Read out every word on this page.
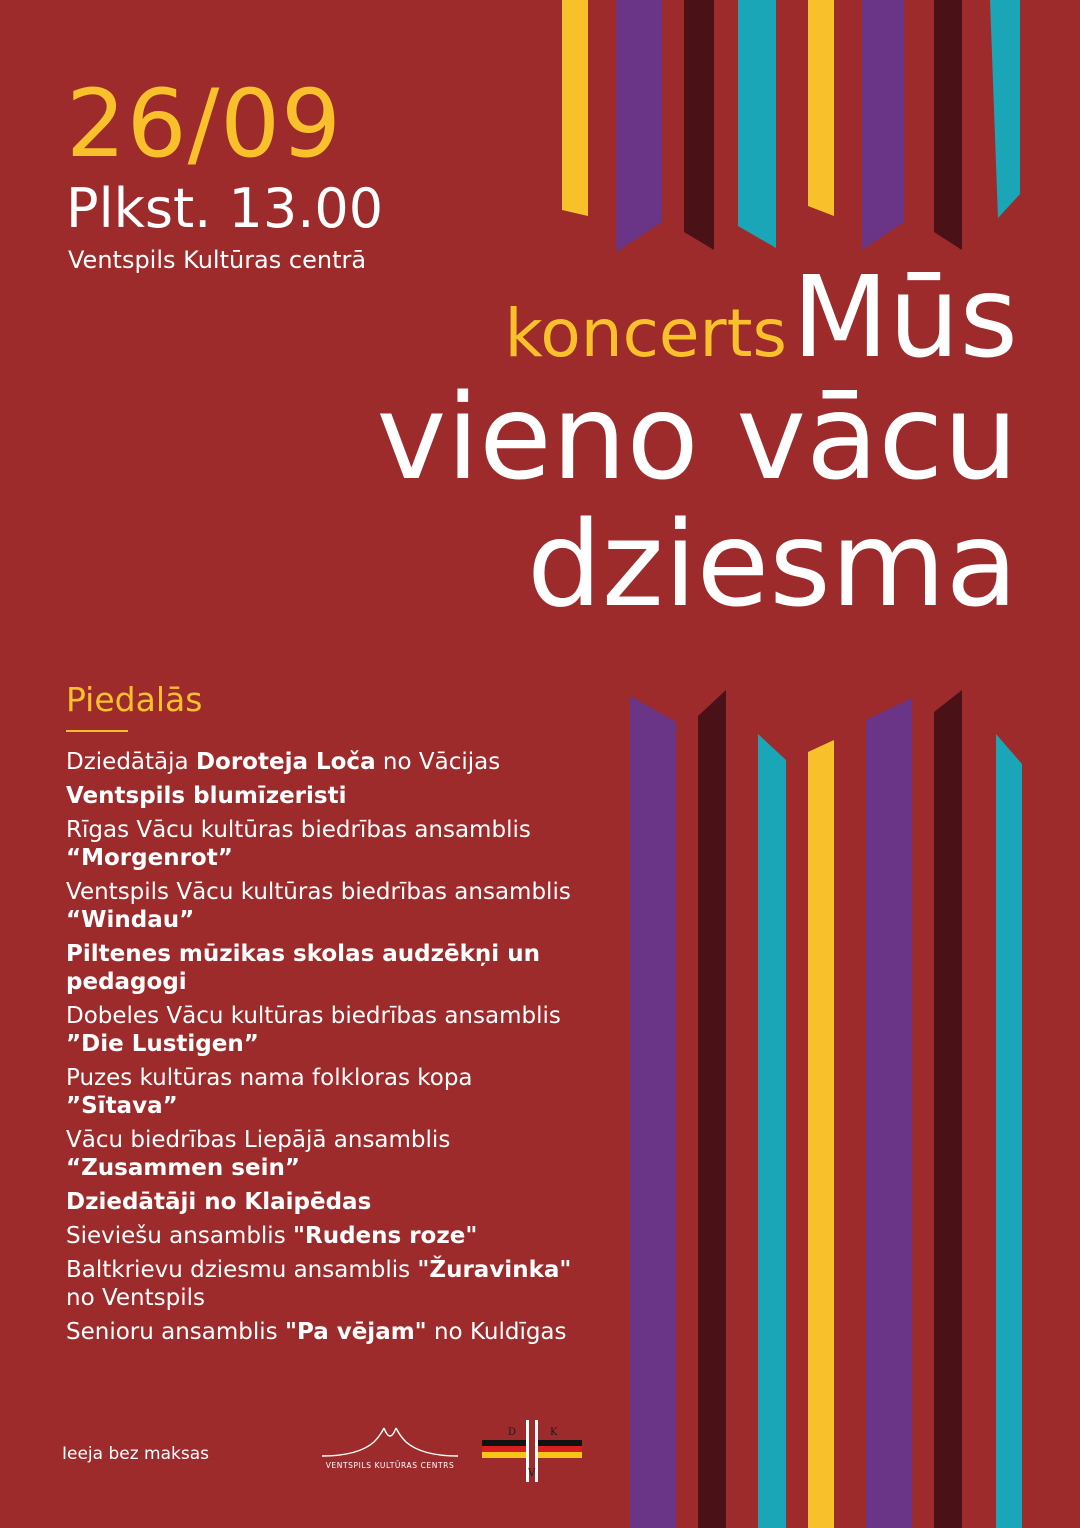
26/09
Plkst. 13.00
Ventspils Kultūras centrā
koncerts Mūs
vieno vācu
dziesma
Piedalās
Dziedātāja Doroteja Loča no Vācijas
Ventspils blumīzeristi
Rīgas Vācu kultūras biedrības ansamblis
“Morgenrot”
Ventspils Vācu kultūras biedrības ansamblis
“Windau”
Piltenes mūzikas skolas audzēkņi un pedagogi
Dobeles Vācu kultūras biedrības ansamblis
”Die Lustigen”
Puzes kultūras nama folkloras kopa
”Sītava”
Vācu biedrības Liepājā ansamblis
“Zusammen sein”
Dziedātāji no Klaipēdas
Sieviešu ansamblis "Rudens roze"
Baltkrievu dziesmu ansamblis "Žuravinka"
no Ventspils
Senioru ansamblis "Pa vējam" no Kuldīgas
Ieeja bez maksas
VENTSPILS KULTŪRAS CENTRS
D	K
V
